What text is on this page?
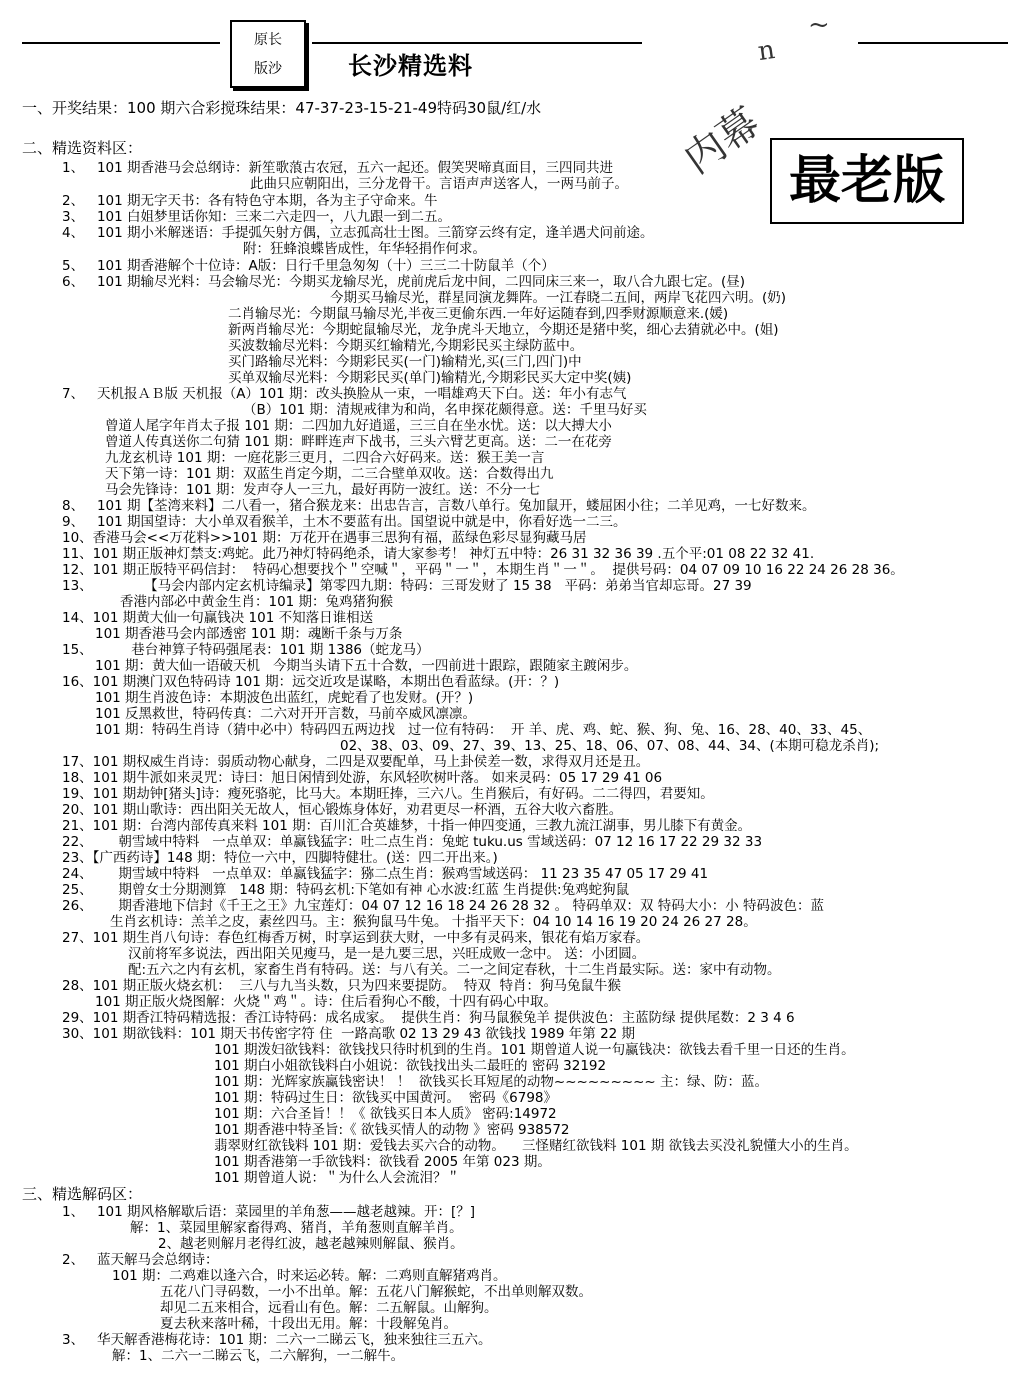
原长
版沙	长沙精选料	n
内幕
~
最老版
一、开奖结果：100 期六合彩搅珠结果：47-37-23-15-21-49特码30鼠/红/水
二、精选资料区：
1、   101 期香港马会总纲诗：新笙歌蒗古农冠，五六一起还。假笑哭啼真面目，三四同共进
此曲只应朝阳出，三分龙骨干。言语声声送客人，一两马前子。
2、   101 期无字天书：各有特色守本期，各为主子守命来。牛
3、   101 白姐梦里话你知：三来二六走四一，八九跟一到二五。
4、   101 期小米解迷语：手提弧矢射方偶，立志孤高壮士图。三箭穿云终有定，逢羊遇犬问前途。
附：狂蜂浪蝶皆成性，年华轻捐作何求。
5、   101 期香港解个十位诗：A版：日行千里急匆匆（十）三三二十防鼠羊（个）
6、   101 期输尽光料：马会输尽光：今期买龙输尽光，虎前虎后龙中间，二四同床三来一，取八合九跟七定。(昼)
今期买马输尽光，群星同演龙舞阵。一江春晓二五间，两岸飞花四六明。(奶)
二肖输尽光：今期鼠马输尽光,半夜三更偷东西.一年好运随春到,四季财源顺意来.(媛)
新两肖输尽光：今期蛇鼠输尽光，龙争虎斗天地立，今期还是猪中奖，细心去猜就必中。(姐)
买波数输尽光料：今期买红输精光,今期彩民买主绿防蓝中。
买门路输尽光料：今期彩民买(一门)输精光,买(三门,四门)中
买单双输尽光料：今期彩民买(单门)输精光,今期彩民买大定中奖(姨)
7、   天机报ＡＢ版 天机报（A）101 期：改头换脸从一束，一唱雄鸡天下白。送：年小有志气
（B）101 期：清规戒律为和尚，名申探花颇得意。送：千里马好买
曾道人尾字年肖太子报 101 期：二四加九好逍遥，三三自在坐水忧。送：以大搏大小
曾道人传真送你二句猜 101 期：畔畔连声下战书，三头六臂艺更高。送：二一在花旁
九龙玄机诗 101 期：一庭花影三更月，二四合六好码来。送：猴王美一言
天下第一诗：101 期：双蓝生肖定今期，二三合壁单双收。送：合数得出九
马会先锋诗：101 期：发声夺人一三九，最好再防一波红。送：不分一七
8、   101 期【荃湾来料】二八看一，猪合猴龙来：出忠告言，言数八单行。兔加鼠开，蝼屈困小往；二羊见鸡，一七好数来。
9、   101 期国望诗：大小单双看猴羊，土木不要蓝有出。国望说中就是中，你看好选一二三。
10、香港马会<<万花料>>101 期：万花开在遇事三思狗有福，蓝绿色彩尽显狗藏马居
11、101 期正版神灯禁支:鸡蛇。此乃神灯特码绝杀，请大家参考！ 神灯五中特：26 31 32 36 39 .五个平:01 08 22 32 41.
12、101 期正版特平码信封：  特码心想要找个＂空喊＂，平码＂一＂，本期生肖＂一＂。  提供号码：04 07 09 10 16 22 24 26 28 36。
13、            【马会内部内定玄机诗编录】第零四九期：特码：三哥发财了 15 38   平码：弟弟当官却忘哥。27 39
香港内部必中黄金生肖：101 期：兔鸡猪狗猴
14、101 期黄大仙一句赢钱决 101 不知落日谁相送
101 期香港马会内部透密 101 期：魂断千条与万条
15、         巷台神算子特码强尾表：101 期 1386（蛇龙马）
101 期：黄大仙一语破天机   今期当头请下五十合数，一四前进十跟踪，跟随家主踱闲步。
16、101 期澳门双色特码诗 101 期：远交近攻是谋略，本期出色看蓝绿。(开：？)
101 期生肖波色诗：本期波色出蓝红，虎蛇看了也发财。(开？)
101 反黑救世，特码传真：二六对开开言数，马前卒威风凛凛。
101 期：特码生肖诗（猜中必中）特码四五两边找   过一位有特码：  开 羊、虎、鸡、蛇、猴、狗、兔、16、28、40、33、45、
02、38、03、09、27、39、13、25、18、06、07、08、44、34、(本期可稳龙杀肖);
17、101 期权威生肖诗：弱质动物心献身，二四是双要配单，马上卦侯差一数，求得双月还是丑。
18、101 期牛派如来灵咒：诗曰：旭日闲情到处游，东风轻吹树叶落。 如来灵码：05 17 29 41 06
19、101 期劫钟[猪头]诗：瘦死骆驼，比马大。本期旺捧，三六八。生肖猴后，有好码。二二得四，君要知。
20、101 期山歌诗：西出阳关无故人，恒心锻炼身体好，劝君更尽一杯酒，五谷大收六畜胜。
21、101 期：台湾内部传真来料 101 期：百川汇合英雄梦，十指一伸四变通，三教九流江湖事，男儿膝下有黄金。
22、      朝雪域中特料   一点单双：单赢钱猛字：吐二点生肖：兔蛇 tuku.us 雪域送码：07 12 16 17 22 29 32 33
23、【广西药诗】148 期：特位一六中，四脚特健壮。(送：四二开出来。)
24、      期雪域中特料   一点单双：单赢钱猛字：猕二点生肖：猴鸡雪域送码： 11 23 35 47 05 17 29 41
25、      期曾女士分期测算   148 期：特码玄机:下笔如有神 心水波:红蓝 生肖提供:兔鸡蛇狗鼠
26、      期香港地下信封《千王之王》九宝莲灯：04 07 12 16 18 24 26 28 32 。 特码单双：双 特码大小：小 特码波色：蓝
生肖玄机诗：羔羊之皮，素丝四马。主：猴狗鼠马牛兔。 十指平天下：04 10 14 16 19 20 24 26 27 28。
27、101 期生肖八句诗：春色红梅香万树，时享运到获大财，一中多有灵码来，银花有焰万家春。
汉前将军多说法，西出阳关见瘦马，是一是九要三思，兴旺成败一念中。 送：小团圆。
配:五六之内有玄机，家畜生肖有特码。送：与八有关。二一之间定春秋，十二生肖最实际。送：家中有动物。
28、101 期正版火烧玄机：  三八与九当头数，只为四来要提防。  特双  特肖：狗马兔鼠牛猴
101 期正版火烧图解：火烧＂鸡＂。诗：住后看狗心不酸，十四有码心中取。
29、101 期香江特码精选报：香江诗特码：成名成家。  提供生肖：狗马鼠猴兔羊 提供波色：主蓝防绿 提供尾数：2 3 4 6
30、101 期欲钱料：101 期天书传密字符 住  一路高歌 02 13 29 43 欲钱找 1989 年第 22 期
101 期泼妇欲钱料：欲钱找只待时机到的生肖。101 期曾道人说一句赢钱决：欲钱去看千里一日还的生肖。
101 期白小姐欲钱料白小姐说：欲钱找出头二最旺的 密码 32192
101 期：光辉家族赢钱密诀！ ！  欲钱买长耳短尾的动物~~~~~~~~~ 主：绿、防：蓝。
101 期：特码过生日：欲钱买中国黄河。  密码《6798》
101 期：六合圣旨！！《 欲钱买日本人质》 密码:14972
101 期香港中特圣旨:《 欲钱买情人的动物 》密码 938572
翡翠财红欲钱料 101 期：爱钱去买六合的动物。    三怪赌红欲钱料 101 期 欲钱去买没礼貌懂大小的生肖。
101 期香港第一手欲钱料：欲钱看 2005 年第 023 期。
101 期曾道人说：＂为什么人会流泪？＂
三、精选解码区：
1、   101 期风格解歇后语：菜园里的羊角葱——越老越辣。开：[？]
解：1、菜园里解家畜得鸡、猪肖，羊角葱则直解羊肖。
2、越老则解月老得红波，越老越辣则解鼠、猴肖。
2、   蓝天解马会总纲诗：
101 期：二鸡难以逢六合，时来运必转。解：二鸡则直解猪鸡肖。
五花八门寻码数，一小不出单。解：五花八门解猴蛇，不出单则解双数。
却见二五来相合，远看山有色。解：二五解鼠。山解狗。
夏去秋来落叶稀，十段出无用。解：十段解兔肖。
3、   华天解香港梅花诗：101 期：二六一二睇云飞，独来独往三五六。
解：1、二六一二睇云飞，二六解狗，一二解牛。
